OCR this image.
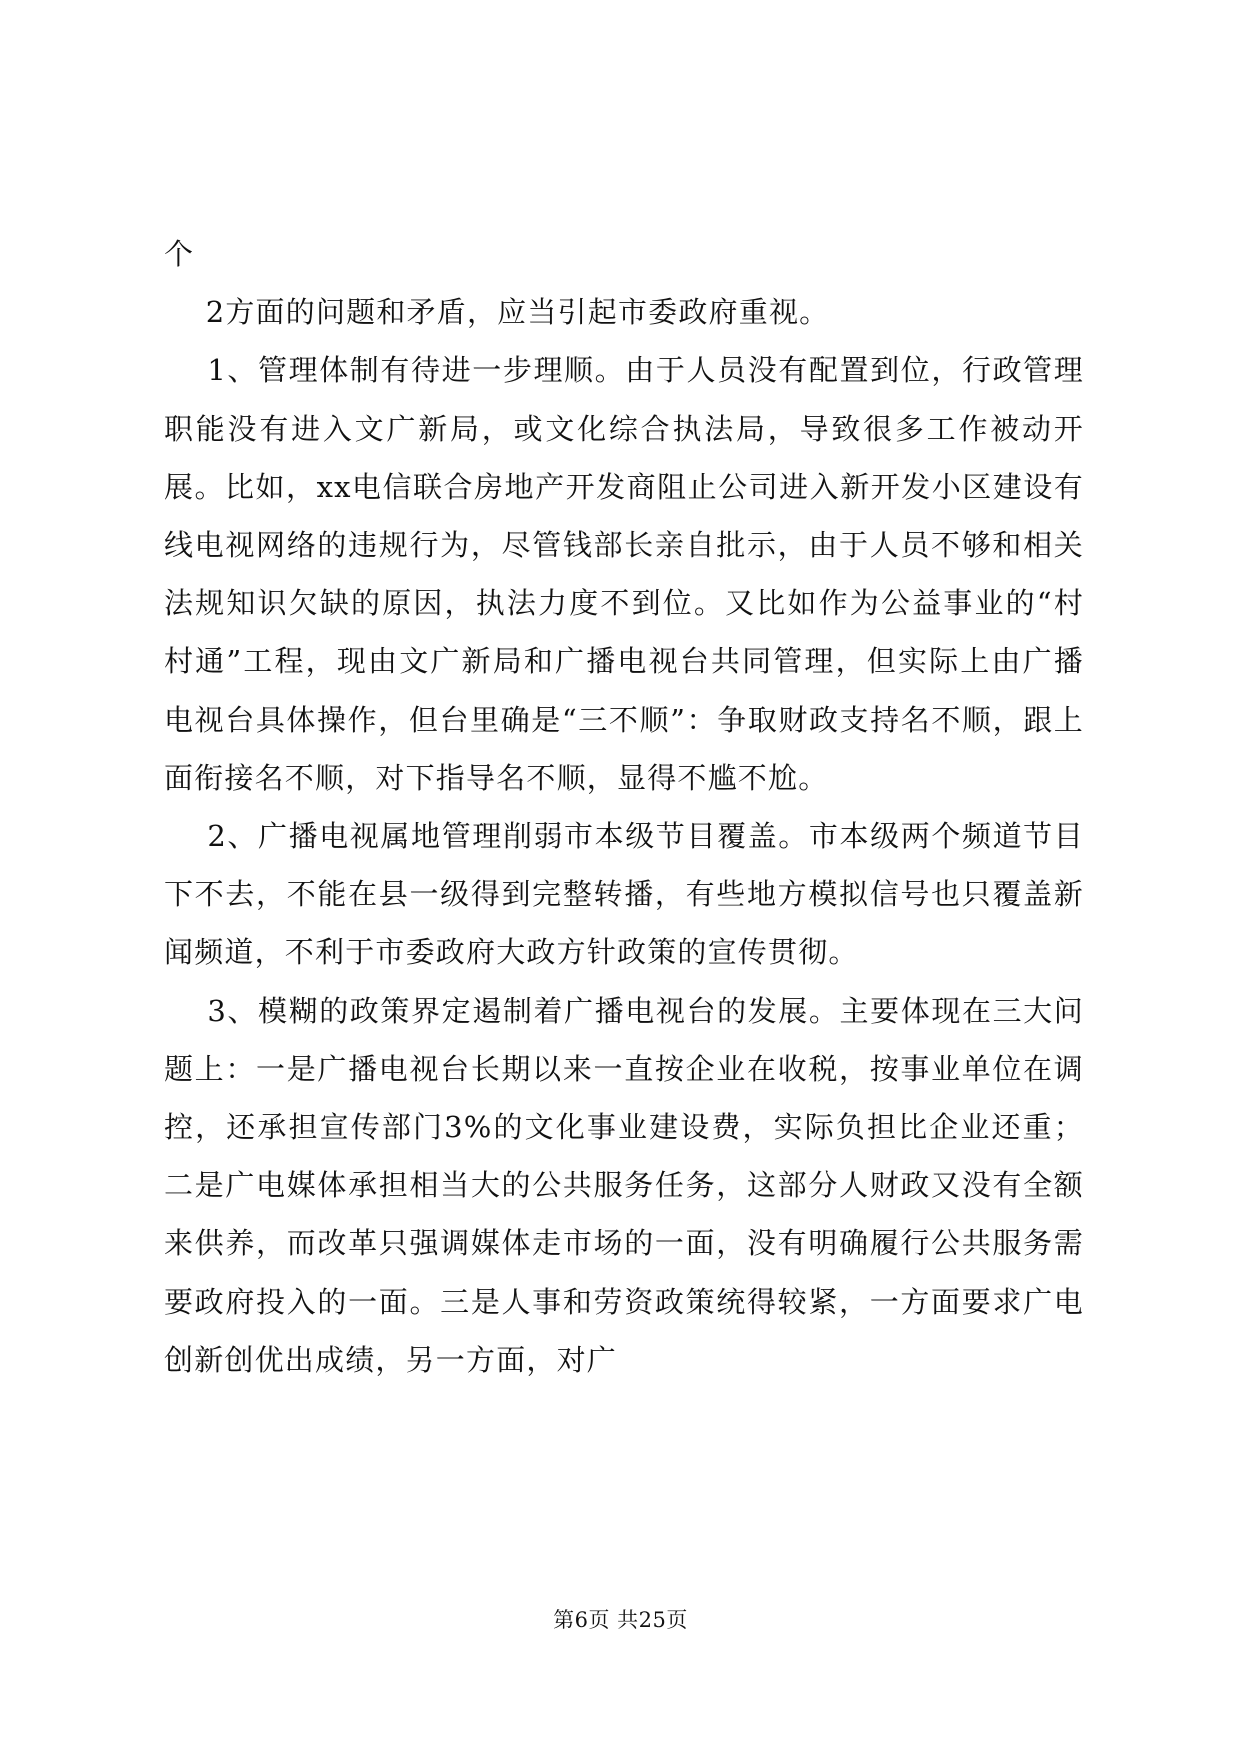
个

2方面的问题和矛盾，应当引起市委政府重视。

1、管理体制有待进一步理顺。由于人员没有配置到位，行政管理职能没有进入文广新局，或文化综合执法局，导致很多工作被动开展。比如，xx电信联合房地产开发商阻止公司进入新开发小区建设有线电视网络的违规行为，尽管钱部长亲自批示，由于人员不够和相关法规知识欠缺的原因，执法力度不到位。又比如作为公益事业的“村村通”工程，现由文广新局和广播电视台共同管理，但实际上由广播电视台具体操作，但台里确是“三不顺”：争取财政支持名不顺，跟上面衔接名不顺，对下指导名不顺，显得不尴不尬。

2、广播电视属地管理削弱市本级节目覆盖。市本级两个频道节目下不去，不能在县一级得到完整转播，有些地方模拟信号也只覆盖新闻频道，不利于市委政府大政方针政策的宣传贯彻。

3、模糊的政策界定遏制着广播电视台的发展。主要体现在三大问题上：一是广播电视台长期以来一直按企业在收税，按事业单位在调控，还承担宣传部门3%的文化事业建设费，实际负担比企业还重；二是广电媒体承担相当大的公共服务任务，这部分人财政又没有全额来供养，而改革只强调媒体走市场的一面，没有明确履行公共服务需要政府投入的一面。三是人事和劳资政策统得较紧，一方面要求广电创新创优出成绩，另一方面，对广

第6页 共25页
